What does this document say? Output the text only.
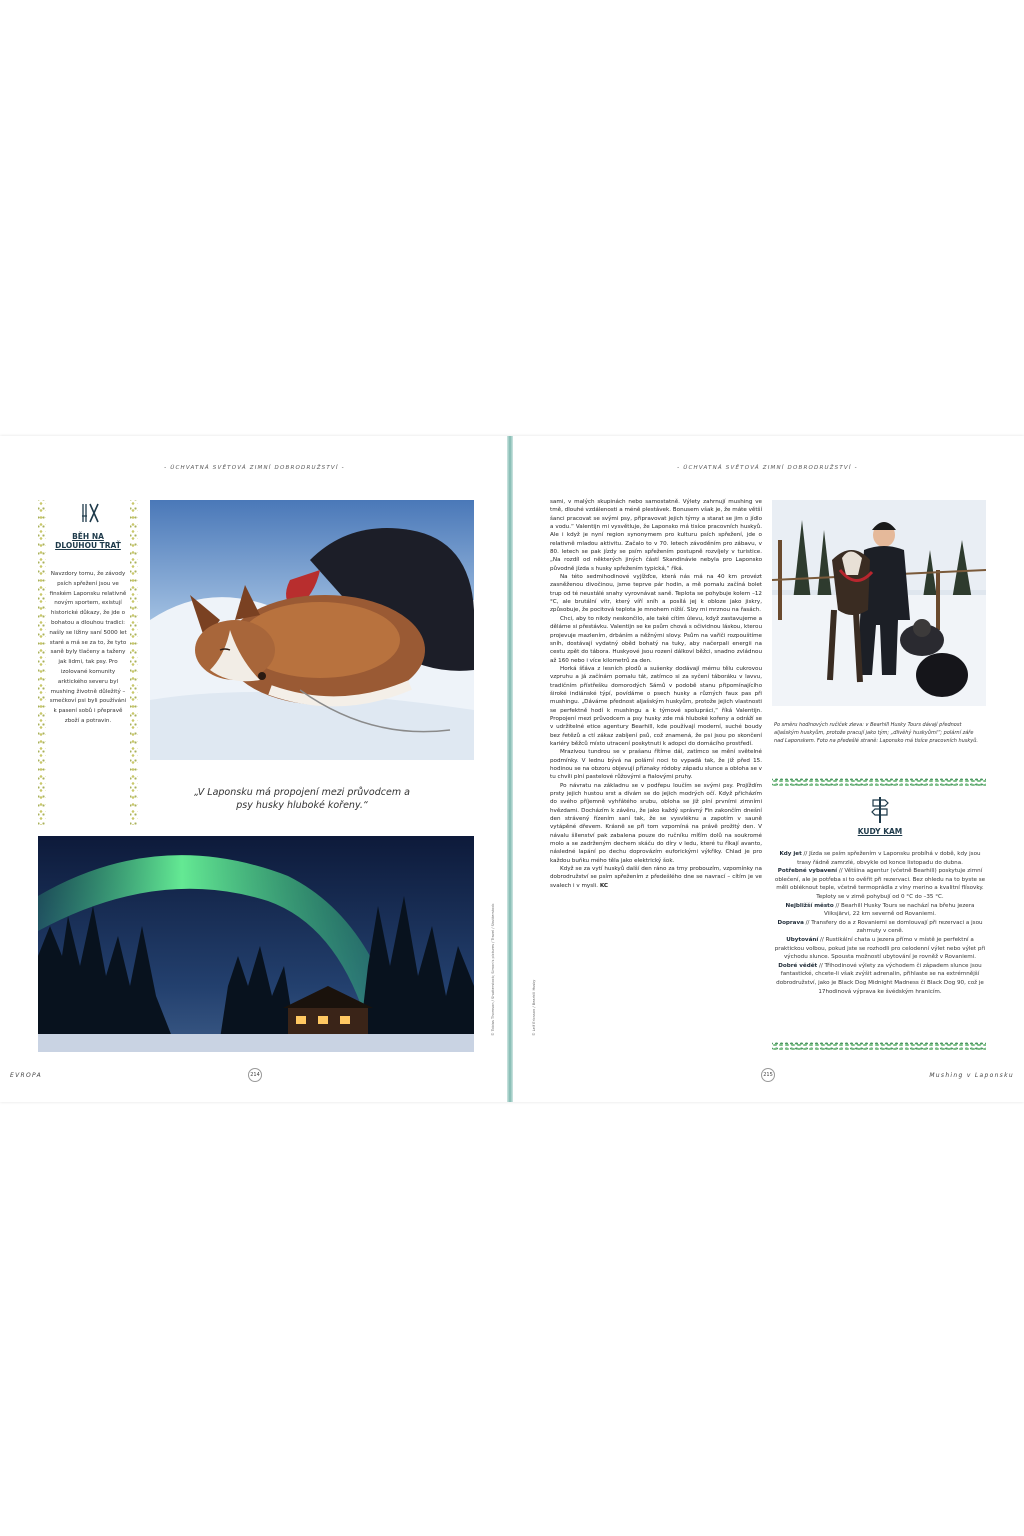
- ÚCHVATNÁ SVĚTOVÁ ZIMNÍ DOBRODRUŽSTVÍ -
BĚH NA
DLOUHOU TRAŤ
Navzdory tomu, že závody psích spřežení jsou ve finském Laponsku relativně novým sportem, existují historické důkazy, že jde o bohatou a dlouhou tradici: našly se ližiny saní 5000 let staré a má se za to, že tyto saně byly tlačeny a taženy jak lidmi, tak psy. Pro izolované komunity arktického severu byl mushing životně důležitý – smečkoví psi byli používáni k pasení sobů i přepravě zboží a potravin.
„V Laponsku má propojení mezi průvodcem a psy husky hluboké kořeny.“
© Tobias Thomson / Shutterstock; Simon's pictures / Travel / Shutterstock
EVROPA	214
- ÚCHVATNÁ SVĚTOVÁ ZIMNÍ DOBRODRUŽSTVÍ -
© Leif Ericsson / Bearhill Husky
Mushing v Laponsku
215

sami, v malých skupinách nebo samostatně. Výlety zahrnují mushing ve tmě, dlouhé vzdálenosti a méně plestávek. Bonusem však je, že máte větší šanci pracovat se svými psy, připravovat jejich týmy a starat se jim o jídlo a vodu.“ Valentijn mi vysvětluje, že Laponsko má tisíce pracovních huskyů. Ale i když je nyní region synonymem pro kulturu psích spřežení, jde o relativně mladou aktivitu. Začalo to v 70. letech závoděním pro zábavu, v 80. letech se pak jízdy se psím spřežením postupně rozvíjely v turistice. „Na rozdíl od některých jiných částí Skandinávie nebyla pro Laponsko původně jízda s husky spřežením typická,“ říká.

Na této sedmihodinové vyjížďce, která nás má na 40 km provézt zasněženou divočinou, jsme teprve pár hodin, a mě pomalu začíná bolet trup od té neustálé snahy vyrovnávat saně. Teplota se pohybuje kolem –12 °C, ale brutální vítr, který víří sníh a posílá jej k obloze jako jiskry, způsobuje, že pocitová teplota je mnohem nižší. Slzy mi mrznou na řasách.

Chci, aby to nikdy neskončilo, ale také cítím úlevu, když zastavujeme a děláme si přestávku. Valentijn se ke psům chová s očividnou láskou, kterou projevuje mazlením, drbáním a něžnými slovy. Psům na vařiči rozpouštíme sníh, dostávají vydatný oběd bohatý na tuky, aby načerpali energii na cestu zpět do tábora. Huskyové jsou rození dálkoví běžci, snadno zvládnou až 160 nebo i více kilometrů za den.

Horká šťáva z lesních plodů a sušenky dodávají mému tělu cukrovou vzpruhu a já začínám pomalu tát, zatímco si za syčení táboráku v lavvu, tradičním přístřešku domorodých Sámů v podobě stanu připomínajícího široké indiánské týpí, povídáme o psech husky a různých faux pas při mushingu. „Dáváme přednost aljašským huskyům, protože jejich vlastnosti se perfektně hodí k mushingu a k týmové spolupráci,“ říká Valentijn. Propojení mezi průvodcem a psy husky zde má hluboké kořeny a odráží se v udržitelné etice agentury Bearhill, kde používají moderní, suché boudy bez řetězů a ctí zákaz zabíjení psů, což znamená, že psi jsou po skončení kariéry běžců místo utracení poskytnuti k adopci do domácího prostředí.

Mrazivou tundrou se v prašanu řítíme dál, zatímco se mění světelné podmínky. V lednu bývá na polární noci to vypadá tak, že již před 15. hodinou se na obzoru objevují příznaky ródoby západu slunce a obloha se v tu chvíli plní pastelové růžovými a fialovými pruhy.

Po návratu na základnu se v podřepu loučím se svými psy. Projíždím prsty jejich hustou srst a dívám se do jejich modrých očí. Když přicházím do svého příjemně vyhřátého srubu, obloha se již plní prvními zimními hvězdami. Docházím k závěru, že jako každý správný Fin zakončím dnešní den strávený řízením saní tak, že se vysvléknu a zapotím v sauně vytápěné dřevem. Krásně se při tom vzpomíná na právě prožitý den. V návalu šílenství pak zabalena pouze do ručníku míťím dolů na soukromé molo a se zadrženým dechem skáču do díry v ledu, které tu říkají avanto, následné lapání po dechu doprovázím euforickými výkřiky. Chlad je pro každou buňku mého těla jako elektrický šok.

Když se za vytí huskyů další den ráno za tmy probouzím, vzpomínky na dobrodružství se psím spřežením z předešlého dne se navrací – cítím je ve svalech i v mysli. KC

Po směru hodinových ručiček zleva: v Bearhill Husky Tours dávají přednost aljašským huskyům, protože pracují jako tým; „dlivěhý huskyům!“; polární záře nad Laponskem. Foto na předešlé straně: Laponsko má tisíce pracovních huskyů.
KUDY KAM
Kdy jet // Jízda se psím spřežením v Laponsku probíhá v době, kdy jsou trasy řádně zamrzlé, obvykle od konce listopadu do dubna.
Potřebné vybavení // Většina agentur (včetně Bearhill) poskytuje zimní oblečení, ale je potřeba si to ověřit při rezervaci. Bez ohledu na to byste se měli obléknout teple, včetně termoprádla z vlny merino a kvalitní flísovky. Teploty se v zimě pohybují od 0 °C do –35 °C.
Nejbližší město // Bearhill Husky Tours se nachází na břehu jezera Viiksjärvi, 22 km severně od Rovaniemi.
Doprava // Transfery do a z Rovaniemi se domlouvají při rezervaci a jsou zahrnuty v ceně.
Ubytování // Rustikální chata u jezera přímo v místě je perfektní a praktickou volbou, pokud jste se rozhodli pro celodenní výlet nebo výlet při východu slunce. Spousta možností ubytování je rovněž v Rovaniemi.
Dobré vědět // Třihodinové výlety za východem či západem slunce jsou fantastické, chcete-li však zvýšit adrenalin, přihlaste se na extrémnější dobrodružství, jako je Black Dog Midnight Madness či Black Dog 90, což je 17hodinová výprava ke švédským hranicím.
